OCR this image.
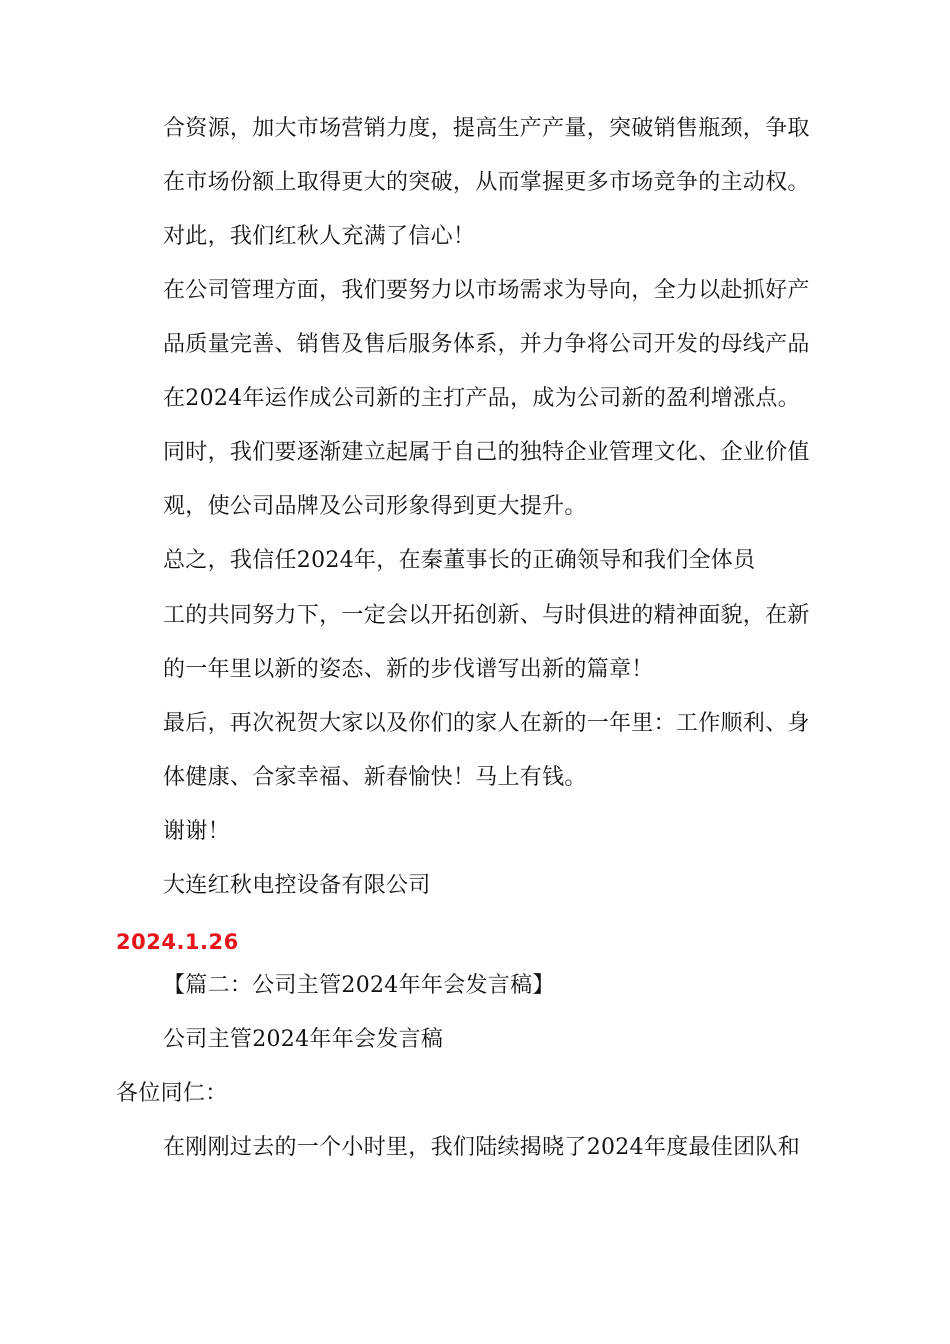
合资源，加大市场营销力度，提高生产产量，突破销售瓶颈，争取
在市场份额上取得更大的突破，从而掌握更多市场竞争的主动权。
对此，我们红秋人充满了信心！
在公司管理方面，我们要努力以市场需求为导向，全力以赴抓好产
品质量完善、销售及售后服务体系，并力争将公司开发的母线产品
在2024年运作成公司新的主打产品，成为公司新的盈利增涨点。
同时，我们要逐渐建立起属于自己的独特企业管理文化、企业价值
观，使公司品牌及公司形象得到更大提升。
总之，我信任2024年，在秦董事长的正确领导和我们全体员
工的共同努力下，一定会以开拓创新、与时俱进的精神面貌，在新
的一年里以新的姿态、新的步伐谱写出新的篇章！
最后，再次祝贺大家以及你们的家人在新的一年里：工作顺利、身
体健康、合家幸福、新春愉快！马上有钱。
谢谢！
大连红秋电控设备有限公司
2024.1.26
【篇二：公司主管2024年年会发言稿】
公司主管2024年年会发言稿
各位同仁：
在刚刚过去的一个小时里，我们陆续揭晓了2024年度最佳团队和
